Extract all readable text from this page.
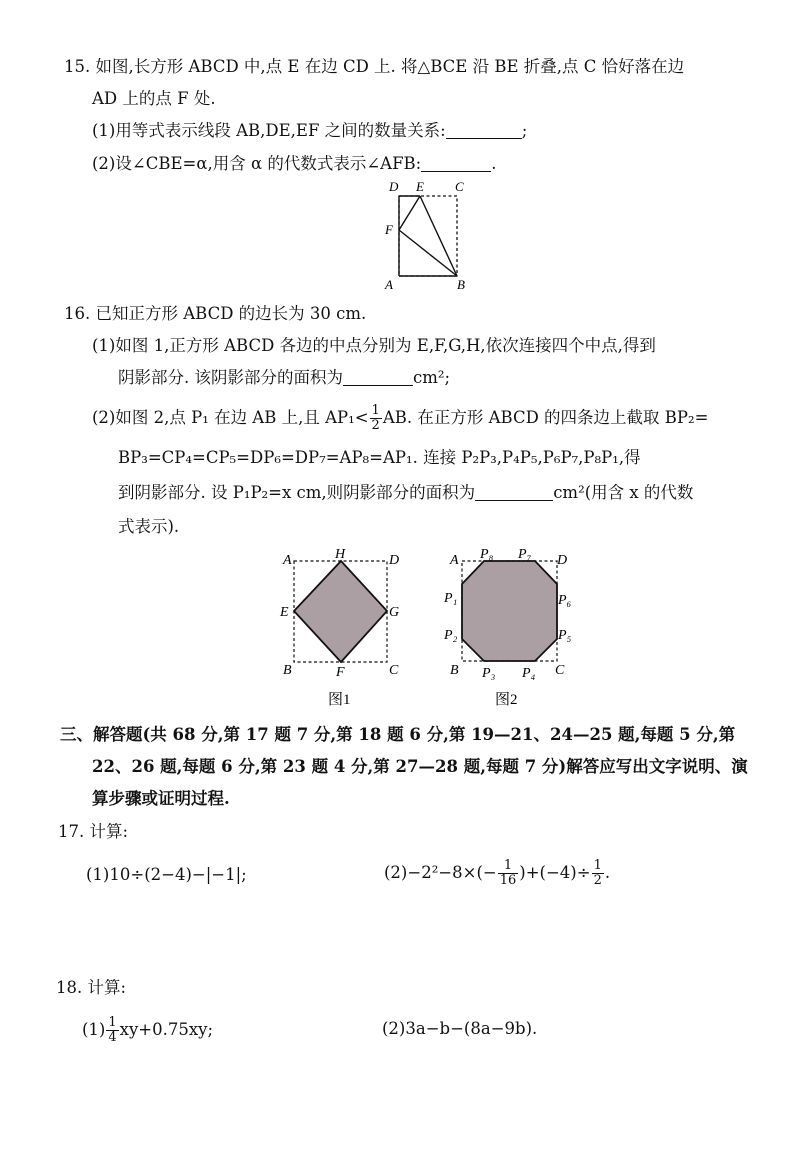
15. 如图,长方形 ABCD 中,点 E 在边 CD 上. 将△BCE 沿 BE 折叠,点 C 恰好落在边
AD 上的点 F 处.
(1)用等式表示线段 AB,DE,EF 之间的数量关系:	;
(2)设∠CBE=α,用含 α 的代数式表示∠AFB:	.
D E C
F
A	B
16. 已知正方形 ABCD 的边长为 30 cm.
(1)如图 1,正方形 ABCD 各边的中点分别为 E,F,G,H,依次连接四个中点,得到
阴影部分. 该阴影部分的面积为	cm²;
(2)如图 2,点 P₁ 在边 AB 上,且 $AP_1< \frac{1}{2}$ AB. 在正方形 ABCD 的四条边上截取 BP₂=
BP₃=CP₄=CP₅=DP₆=DP₇=AP₈=AP₁. 连接 P₂P₃,P₄P₅,P₆P₇,P₈P₁,得
到阴影部分. 设 P₁P₂=x cm,则阴影部分的面积为	cm²(用含 x 的代数
式表示).
A	H	D
E	G
B	F	C
图1
A P₈ P₇ D
P₁	P₆
P₂	P₅
B P₃ P₄ C
图2
三、解答题(共 68 分,第 17 题 7 分,第 18 题 6 分,第 19—21、24—25 题,每题 5 分,第
22、26 题,每题 6 分,第 23 题 4 分,第 27—28 题,每题 7 分)解答应写出文字说明、演
算步骤或证明过程.
17. 计算:
(1)10÷(2−4)−|−1|;	$(2)-2^2-8\times(- \frac{1}{16} )+(-4)\div \frac{1}{2}$ .
18. 计算:
$(1) \frac{1}{4} xy+0.75xy$;	(2)3a−b−(8a−9b).
